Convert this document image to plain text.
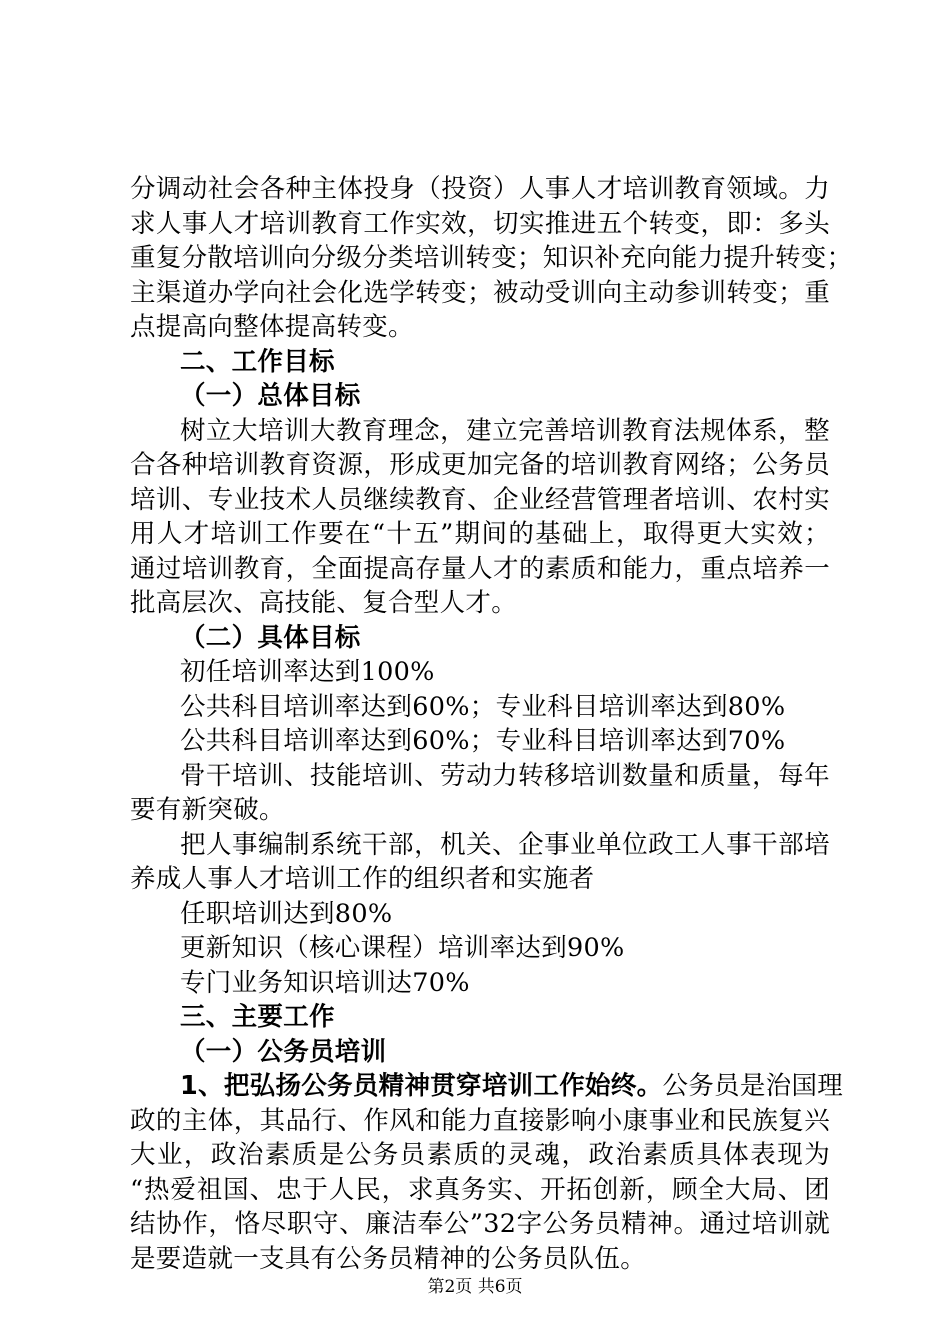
分调动社会各种主体投身（投资）人事人才培训教育领域。力
求人事人才培训教育工作实效，切实推进五个转变，即：多头
重复分散培训向分级分类培训转变；知识补充向能力提升转变；
主渠道办学向社会化选学转变；被动受训向主动参训转变；重
点提高向整体提高转变。
二、工作目标
（一）总体目标
树立大培训大教育理念，建立完善培训教育法规体系，整
合各种培训教育资源，形成更加完备的培训教育网络；公务员
培训、专业技术人员继续教育、企业经营管理者培训、农村实
用人才培训工作要在“十五”期间的基础上，取得更大实效；
通过培训教育，全面提高存量人才的素质和能力，重点培养一
批高层次、高技能、复合型人才。
（二）具体目标
初任培训率达到100%
公共科目培训率达到60%；专业科目培训率达到80%
公共科目培训率达到60%；专业科目培训率达到70%
骨干培训、技能培训、劳动力转移培训数量和质量，每年
要有新突破。
把人事编制系统干部，机关、企事业单位政工人事干部培
养成人事人才培训工作的组织者和实施者
任职培训达到80%
更新知识（核心课程）培训率达到90%
专门业务知识培训达70%
三、主要工作
（一）公务员培训
1、把弘扬公务员精神贯穿培训工作始终。公务员是治国理
政的主体，其品行、作风和能力直接影响小康事业和民族复兴
大业，政治素质是公务员素质的灵魂，政治素质具体表现为
“热爱祖国、忠于人民，求真务实、开拓创新，顾全大局、团
结协作，恪尽职守、廉洁奉公”32字公务员精神。通过培训就
是要造就一支具有公务员精神的公务员队伍。
第2页 共6页
